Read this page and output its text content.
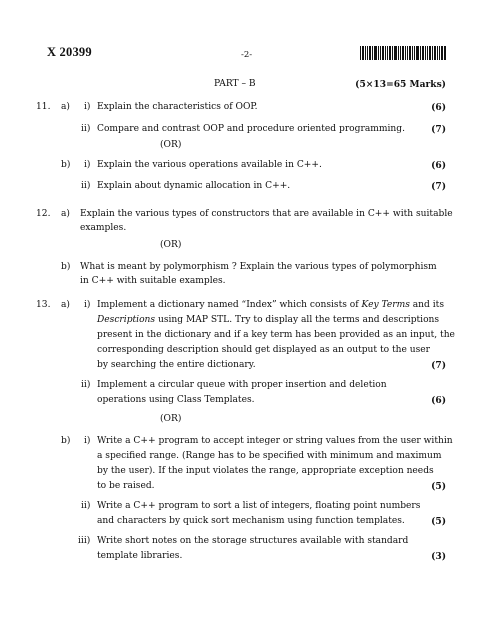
X 20399	-2-
PART – B	(5×13=65 Marks)
11. a) i) Explain the characteristics of OOP.	(6)
ii) Compare and contrast OOP and procedure oriented programming.	(7)
(OR)
b) i) Explain the various operations available in C++.	(6)
ii) Explain about dynamic allocation in C++.	(7)
12. a) Explain the various types of constructors that are available in C++ with suitable
examples.
(OR)
b) What is meant by polymorphism ? Explain the various types of polymorphism
in C++ with suitable examples.
13. a) i) Implement a dictionary named “Index” which consists of Key Terms and its
Descriptions using MAP STL. Try to display all the terms and descriptions
present in the dictionary and if a key term has been provided as an input, the
corresponding description should get displayed as an output to the user
by searching the entire dictionary.	(7)
ii) Implement a circular queue with proper insertion and deletion
operations using Class Templates.	(6)
(OR)
b) i) Write a C++ program to accept integer or string values from the user within
a specified range. (Range has to be specified with minimum and maximum
by the user). If the input violates the range, appropriate exception needs
to be raised.	(5)
ii) Write a C++ program to sort a list of integers, floating point numbers
and characters by quick sort mechanism using function templates.	(5)
iii) Write short notes on the storage structures available with standard
template libraries.	(3)
